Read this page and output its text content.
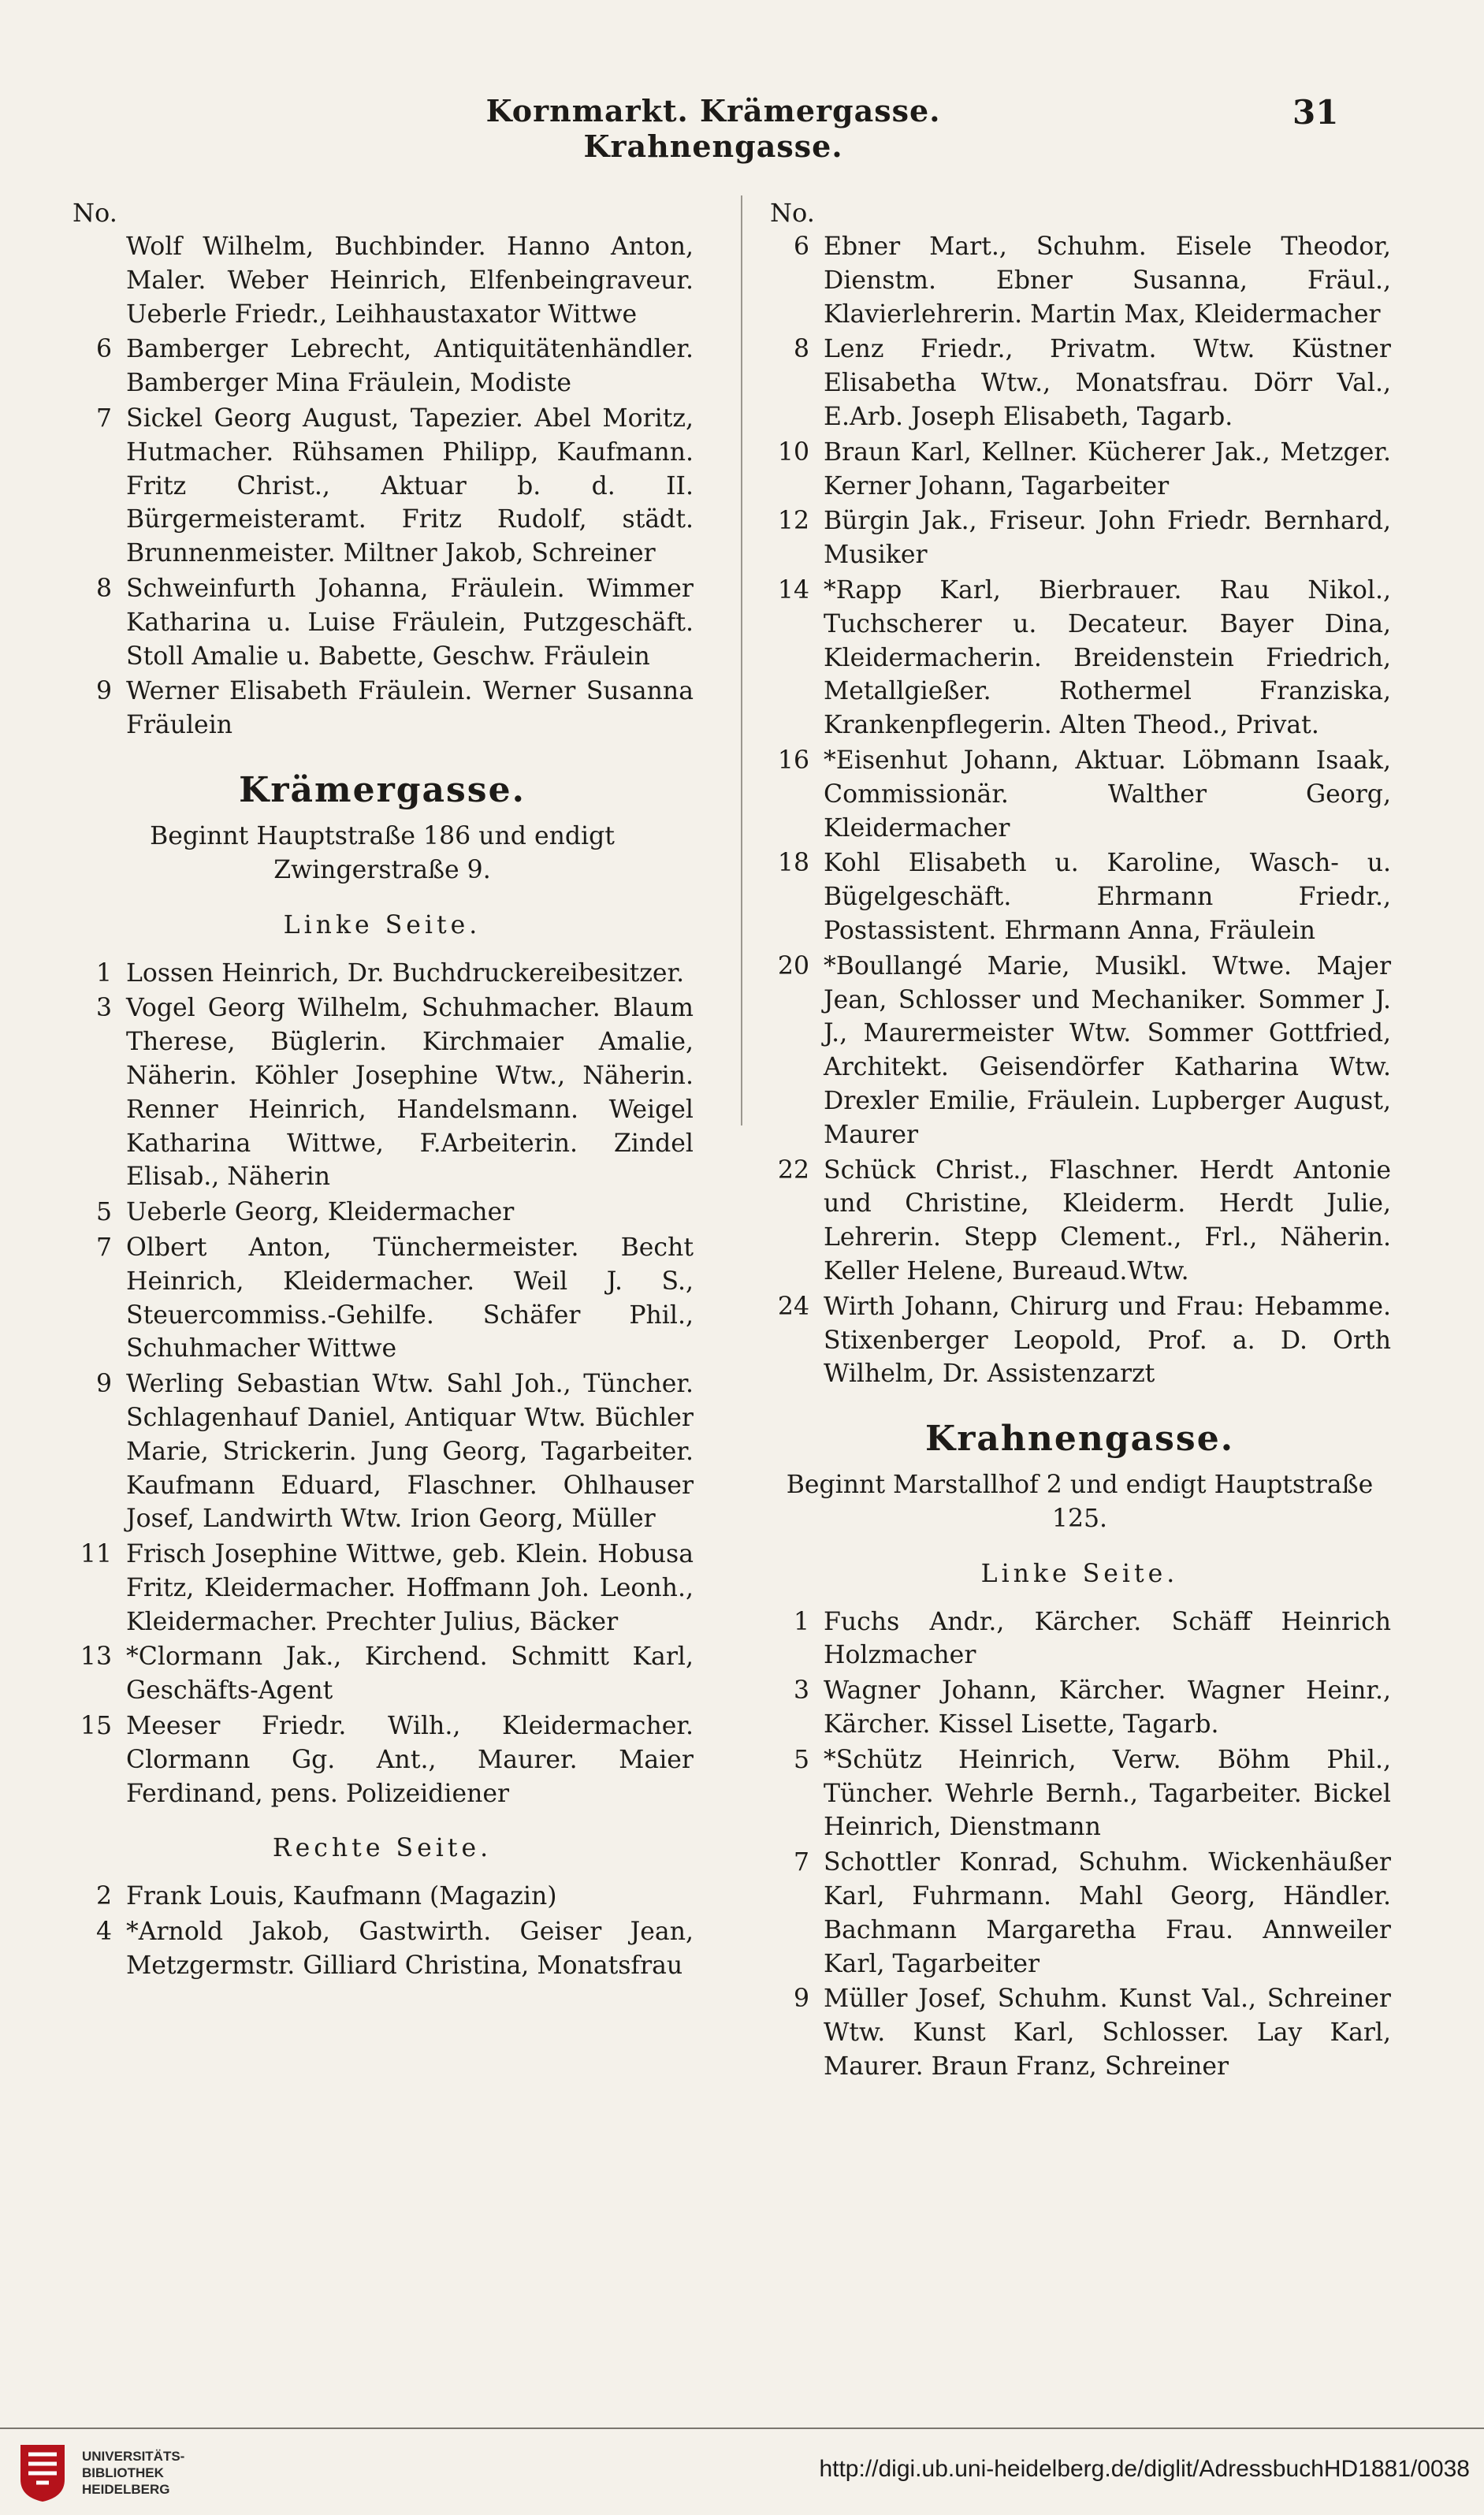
Kornmarkt. Krämergasse. Krahnengasse.
31
No.
Wolf Wilhelm, Buchbinder. Hanno Anton, Maler. Weber Heinrich, Elfenbeingraveur. Ueberle Friedr., Leihhaustaxator Wittwe
6 Bamberger Lebrecht, Antiquitätenhändler. Bamberger Mina Fräulein, Modiste
7 Sickel Georg August, Tapezier. Abel Moritz, Hutmacher. Rühsamen Philipp, Kaufmann. Fritz Christ., Aktuar b. d. II. Bürgermeisteramt. Fritz Rudolf, städt. Brunnenmeister. Miltner Jakob, Schreiner
8 Schweinfurth Johanna, Fräulein. Wimmer Katharina u. Luise Fräulein, Putzgeschäft. Stoll Amalie u. Babette, Geschw. Fräulein
9 Werner Elisabeth Fräulein. Werner Susanna Fräulein
Krämergasse.
Beginnt Hauptstraße 186 und endigt Zwingerstraße 9.
Linke Seite.
1 Lossen Heinrich, Dr. Buchdruckereibesitzer.
3 Vogel Georg Wilhelm, Schuhmacher. Blaum Therese, Büglerin. Kirchmaier Amalie, Näherin. Köhler Josephine Wtw., Näherin. Renner Heinrich, Handelsmann. Weigel Katharina Wittwe, F.Arbeiterin. Zindel Elisab., Näherin
5 Ueberle Georg, Kleidermacher
7 Olbert Anton, Tünchermeister. Becht Heinrich, Kleidermacher. Weil J. S., Steuercommiss.-Gehilfe. Schäfer Phil., Schuhmacher Wittwe
9 Werling Sebastian Wtw. Sahl Joh., Tüncher. Schlagenhauf Daniel, Antiquar Wtw. Büchler Marie, Strickerin. Jung Georg, Tagarbeiter. Kaufmann Eduard, Flaschner. Ohlhauser Josef, Landwirth Wtw. Irion Georg, Müller
11 Frisch Josephine Wittwe, geb. Klein. Hobusa Fritz, Kleidermacher. Hoffmann Joh. Leonh., Kleidermacher. Prechter Julius, Bäcker
13 *Clormann Jak., Kirchend. Schmitt Karl, Geschäfts-Agent
15 Meeser Friedr. Wilh., Kleidermacher. Clormann Gg. Ant., Maurer. Maier Ferdinand, pens. Polizeidiener
Rechte Seite.
2 Frank Louis, Kaufmann (Magazin)
4 *Arnold Jakob, Gastwirth. Geiser Jean, Metzgermstr. Gilliard Christina, Monatsfrau
No.
6 Ebner Mart., Schuhm. Eisele Theodor, Dienstm. Ebner Susanna, Fräul., Klavierlehrerin. Martin Max, Kleidermacher
8 Lenz Friedr., Privatm. Wtw. Küstner Elisabetha Wtw., Monatsfrau. Dörr Val., E.Arb. Joseph Elisabeth, Tagarb.
10 Braun Karl, Kellner. Kücherer Jak., Metzger. Kerner Johann, Tagarbeiter
12 Bürgin Jak., Friseur. John Friedr. Bernhard, Musiker
14 *Rapp Karl, Bierbrauer. Rau Nikol., Tuchscherer u. Decateur. Bayer Dina, Kleidermacherin. Breidenstein Friedrich, Metallgießer. Rothermel Franziska, Krankenpflegerin. Alten Theod., Privat.
16 *Eisenhut Johann, Aktuar. Löbmann Isaak, Commissionär. Walther Georg, Kleidermacher
18 Kohl Elisabeth u. Karoline, Wasch- u. Bügelgeschäft. Ehrmann Friedr., Postassistent. Ehrmann Anna, Fräulein
20 *Boullangé Marie, Musikl. Wtwe. Majer Jean, Schlosser und Mechaniker. Sommer J. J., Maurermeister Wtw. Sommer Gottfried, Architekt. Geisendörfer Katharina Wtw. Drexler Emilie, Fräulein. Lupberger August, Maurer
22 Schück Christ., Flaschner. Herdt Antonie und Christine, Kleiderm. Herdt Julie, Lehrerin. Stepp Clement., Frl., Näherin. Keller Helene, Bureaud.Wtw.
24 Wirth Johann, Chirurg und Frau: Hebamme. Stixenberger Leopold, Prof. a. D. Orth Wilhelm, Dr. Assistenzarzt
Krahnengasse.
Beginnt Marstallhof 2 und endigt Hauptstraße 125.
Linke Seite.
1 Fuchs Andr., Kärcher. Schäff Heinrich Holzmacher
3 Wagner Johann, Kärcher. Wagner Heinr., Kärcher. Kissel Lisette, Tagarb.
5 *Schütz Heinrich, Verw. Böhm Phil., Tüncher. Wehrle Bernh., Tagarbeiter. Bickel Heinrich, Dienstmann
7 Schottler Konrad, Schuhm. Wickenhäußer Karl, Fuhrmann. Mahl Georg, Händler. Bachmann Margaretha Frau. Annweiler Karl, Tagarbeiter
9 Müller Josef, Schuhm. Kunst Val., Schreiner Wtw. Kunst Karl, Schlosser. Lay Karl, Maurer. Braun Franz, Schreiner
UNIVERSITÄTS-
BIBLIOTHEK
HEIDELBERG
http://digi.ub.uni-heidelberg.de/diglit/AdressbuchHD1881/0038
